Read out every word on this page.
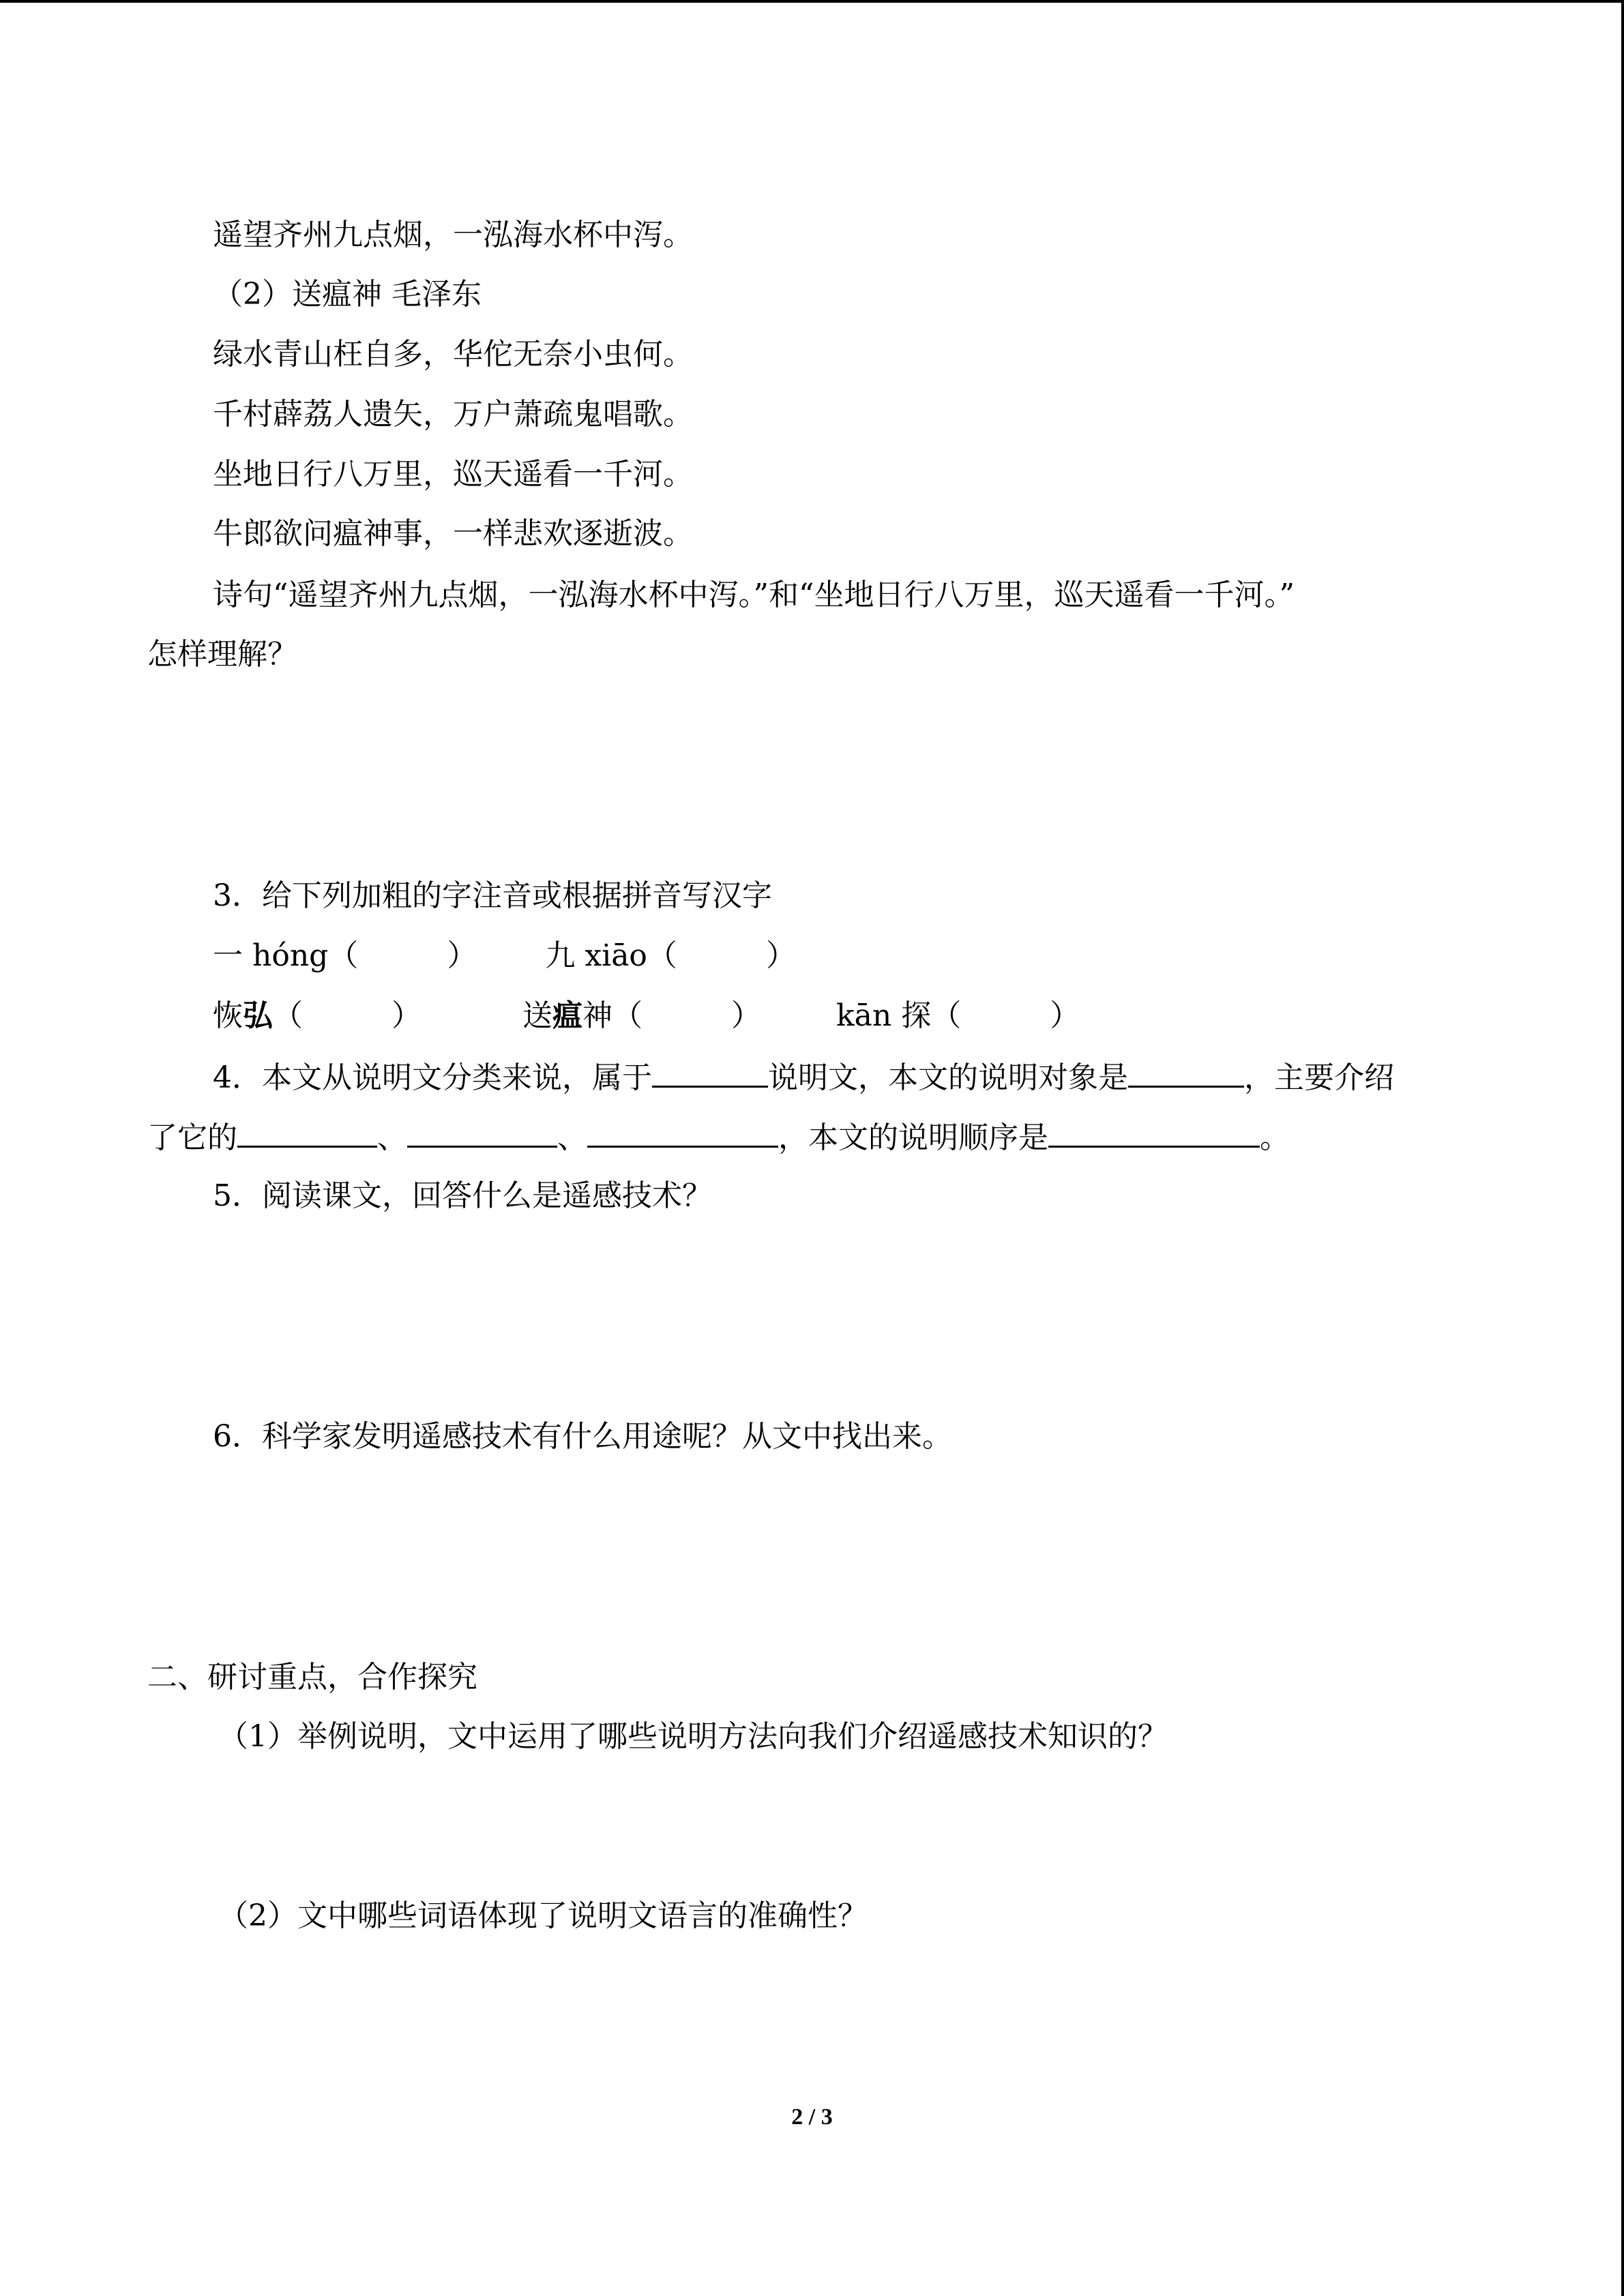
遥望齐州九点烟，一泓海水杯中泻。
（2）送瘟神 毛泽东
绿水青山枉自多，华佗无奈小虫何。
千村薜荔人遗矢，万户萧疏鬼唱歌。
坐地日行八万里，巡天遥看一千河。
牛郎欲问瘟神事，一样悲欢逐逝波。
诗句“遥望齐州九点烟，一泓海水杯中泻。”和“坐地日行八万里，巡天遥看一千河。”
怎样理解？
3．给下列加粗的字注音或根据拼音写汉字
一 hóng（	） 九 xiāo（	）
恢弘（	）	送瘟神（	）	kān 探（	）
4．本文从说明文分类来说，属于	说明文，本文的说明对象是	，主要介绍
了它的	、	、	，本文的说明顺序是	。
5．阅读课文，回答什么是遥感技术？
6．科学家发明遥感技术有什么用途呢？从文中找出来。
二、研讨重点，合作探究
（1）举例说明，文中运用了哪些说明方法向我们介绍遥感技术知识的？
（2）文中哪些词语体现了说明文语言的准确性？
2 / 3
